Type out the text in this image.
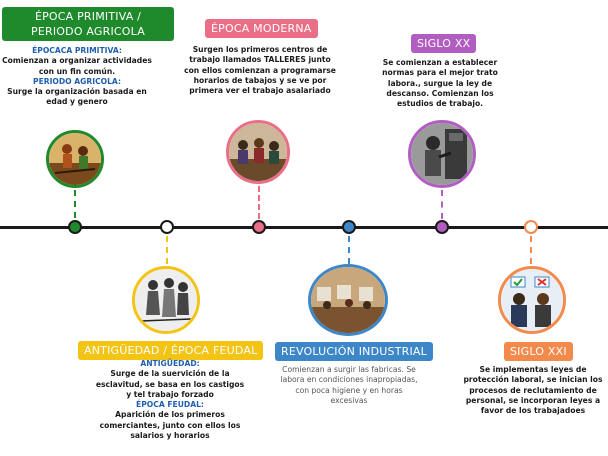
ÉPOCA PRIMITIVA / PERIODO AGRICOLA
ÉPOCACA PRIMITIVA:
Comienzan a organizar actividades con un fin común.
PERIODO AGRICOLA:
Surge la organización basada en edad y genero
ÉPOCA MODERNA
Surgen los primeros centros de trabajo llamados TALLERES junto con ellos comienzan a programarse horarios de tabajos y se ve por primera ver el trabajo asalariado
SIGLO XX
Se comienzan a establecer normas para el mejor trato labora., surgue la ley de descanso. Comienzan los estudios de trabajo.
ANTIGÜEDAD / ÉPOCA FEUDAL
ANTIGÜEDAD:
Surge de la suervición de la esclavitud, se basa en los castigos y tel trabajo forzado
ÉPOCA FEUDAL:
Aparición de los primeros comerciantes, junto con ellos los salarios y horarios
REVOLUCIÓN INDUSTRIAL
Comienzan a surgir las fabricas. Se labora en condiciones inapropiadas, con poca higiene y en horas excesivas
SIGLO XXI
Se implementas leyes de protección laboral, se inician los procesos de reclutamiento de personal, se incorporan leyes a favor de los trabajadoes
